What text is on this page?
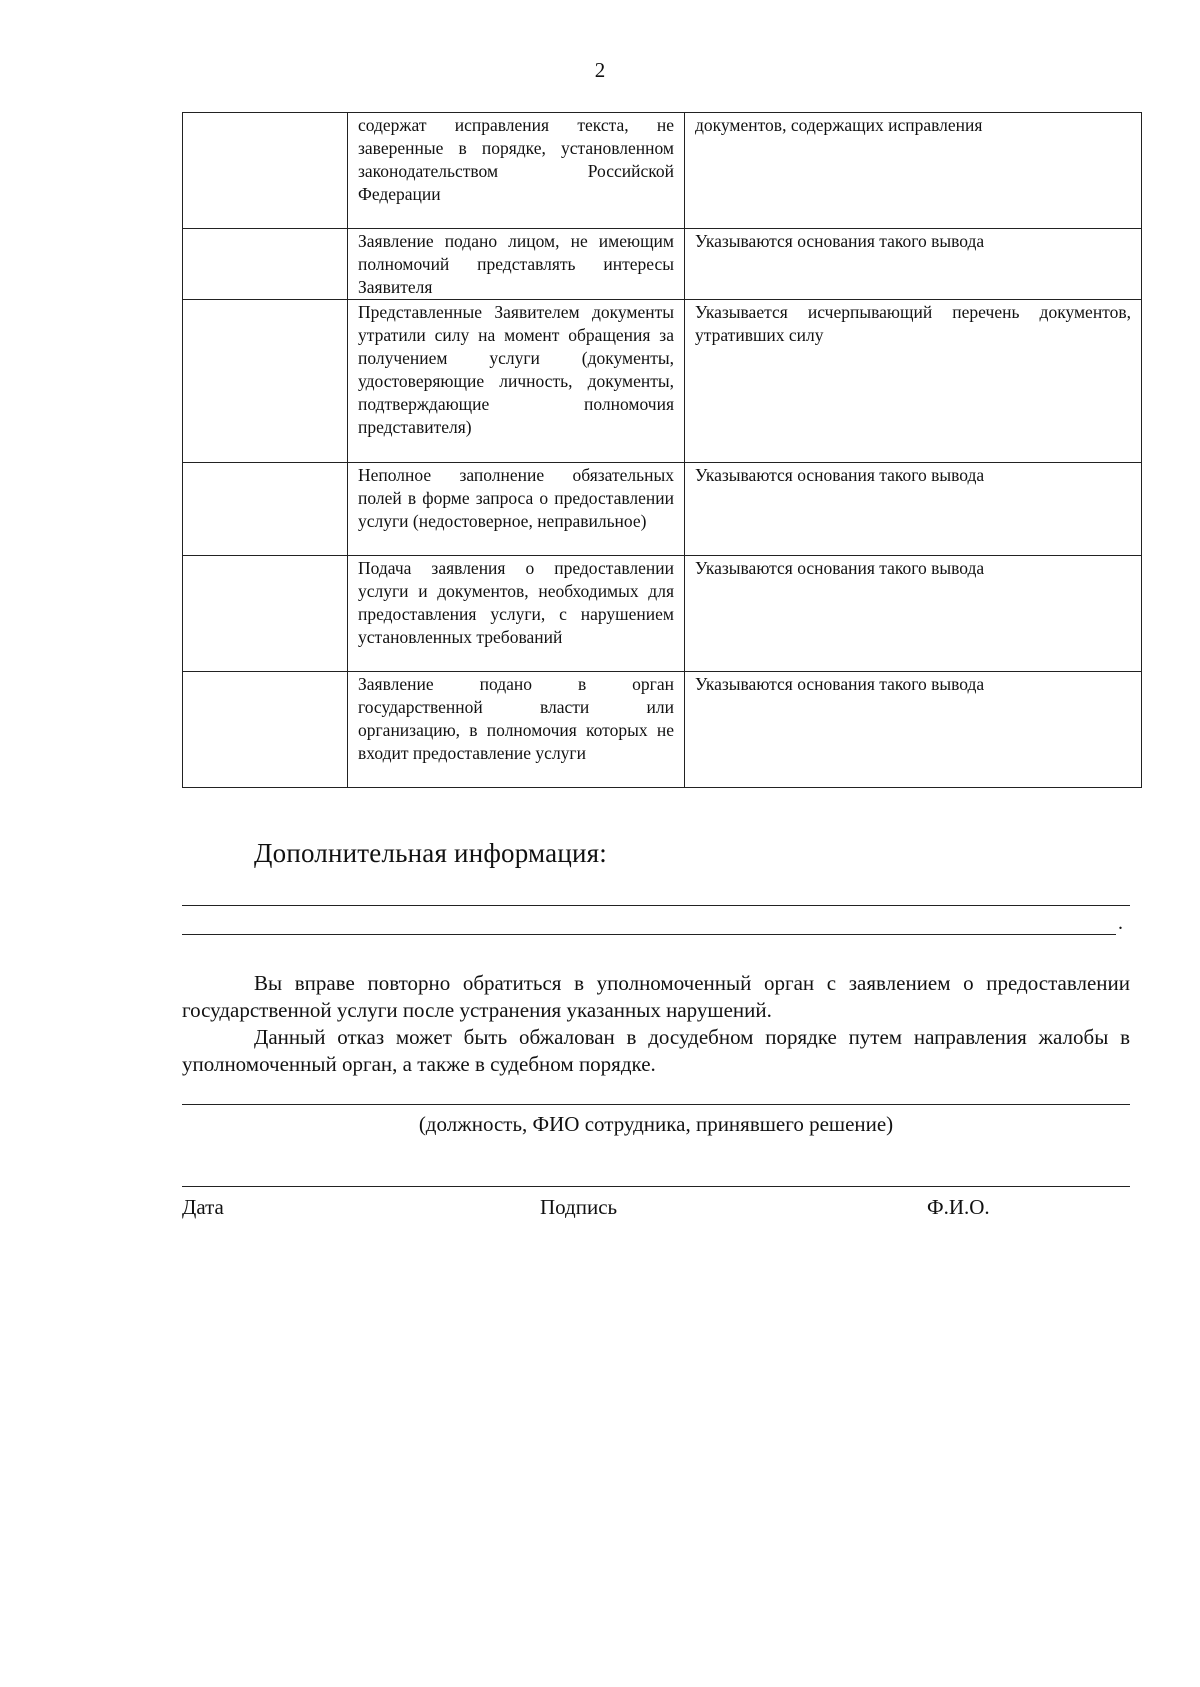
2
	содержат исправления текста, не заверенные в порядке, установленном законодательством Российской Федерации	документов, содержащих исправления
	Заявление подано лицом, не имеющим полномочий представлять интересы Заявителя	Указываются основания такого вывода
	Представленные Заявителем документы утратили силу на момент обращения за получением услуги (документы, удостоверяющие личность, документы, подтверждающие полномочия представителя)	Указывается исчерпывающий перечень документов, утративших силу
	Неполное заполнение обязательных полей в форме запроса о предоставлении услуги (недостоверное, неправильное)	Указываются основания такого вывода
	Подача заявления о предоставлении услуги и документов, необходимых для предоставления услуги, с нарушением установленных требований	Указываются основания такого вывода
	Заявление подано в орган государственной власти или организацию, в полномочия которых не входит предоставление услуги	Указываются основания такого вывода
Дополнительная информация:
.

Вы вправе повторно обратиться в уполномоченный орган с заявлением о предоставлении государственной услуги после устранения указанных нарушений.

Данный отказ может быть обжалован в досудебном порядке путем направления жалобы в уполномоченный орган, а также в судебном порядке.

(должность, ФИО сотрудника, принявшего решение)
Дата	Подпись	Ф.И.О.
